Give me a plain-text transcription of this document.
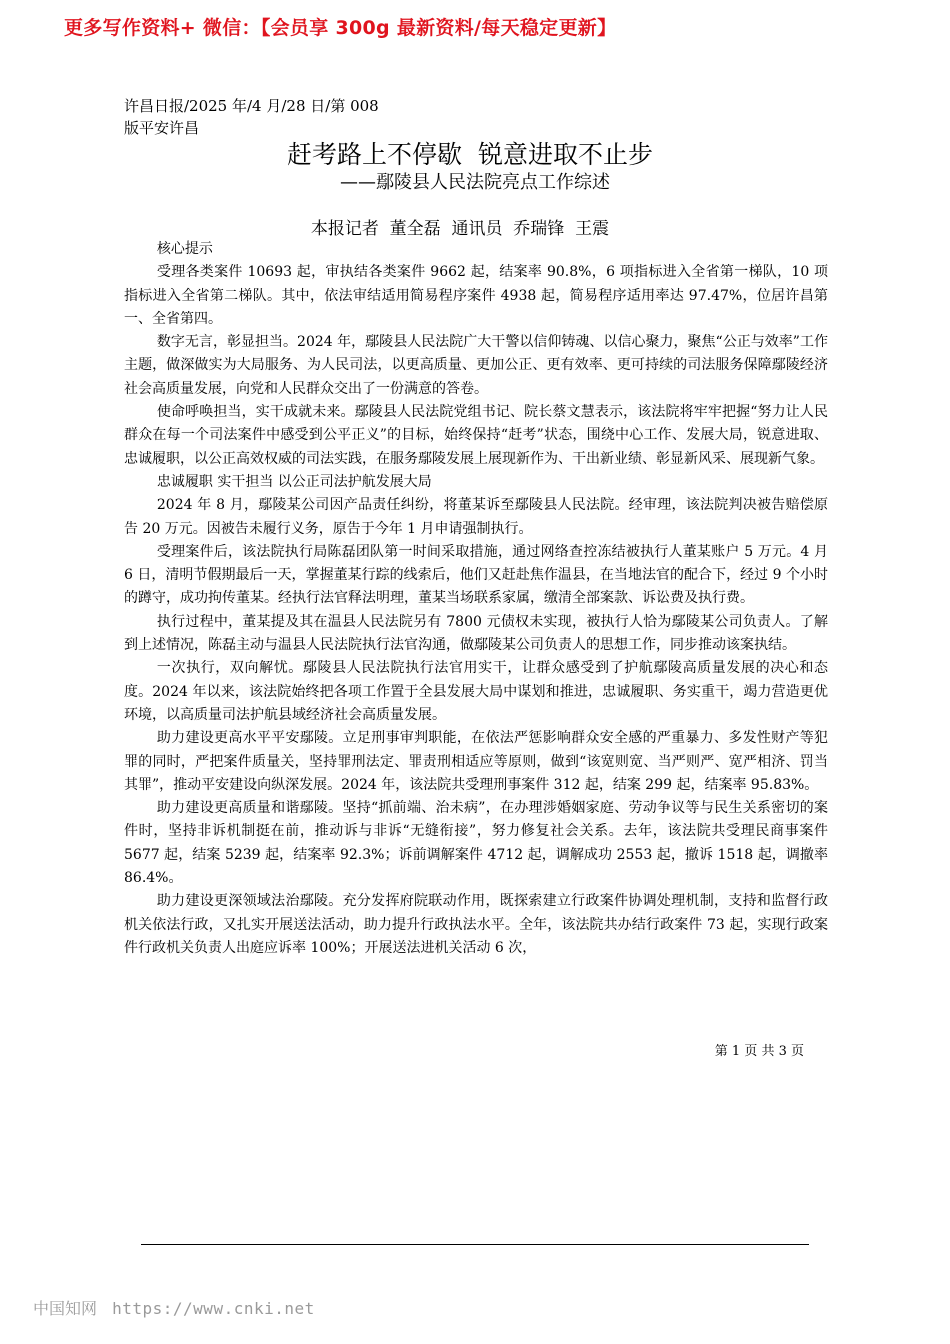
更多写作资料+ 微信：【会员享 300g 最新资料/每天稳定更新】
许昌日报/2025 年/4 月/28 日/第 008
版平安许昌
赶考路上不停歇  锐意进取不止步
——鄢陵县人民法院亮点工作综述
本报记者  董全磊  通讯员  乔瑞锋  王震

核心提示

受理各类案件 10693 起，审执结各类案件 9662 起，结案率 90.8%，6 项指标进入全省第一梯队，10 项指标进入全省第二梯队。其中，依法审结适用简易程序案件 4938 起，简易程序适用率达 97.47%，位居许昌第一、全省第四。

数字无言，彰显担当。2024 年，鄢陵县人民法院广大干警以信仰铸魂、以信心聚力，聚焦“公正与效率”工作主题，做深做实为大局服务、为人民司法，以更高质量、更加公正、更有效率、更可持续的司法服务保障鄢陵经济社会高质量发展，向党和人民群众交出了一份满意的答卷。

使命呼唤担当，实干成就未来。鄢陵县人民法院党组书记、院长蔡文慧表示，该法院将牢牢把握“努力让人民群众在每一个司法案件中感受到公平正义”的目标，始终保持“赶考”状态，围绕中心工作、发展大局，锐意进取、忠诚履职，以公正高效权威的司法实践，在服务鄢陵发展上展现新作为、干出新业绩、彰显新风采、展现新气象。

忠诚履职 实干担当 以公正司法护航发展大局

2024 年 8 月，鄢陵某公司因产品责任纠纷，将董某诉至鄢陵县人民法院。经审理，该法院判决被告赔偿原告 20 万元。因被告未履行义务，原告于今年 1 月申请强制执行。

受理案件后，该法院执行局陈磊团队第一时间采取措施，通过网络查控冻结被执行人董某账户 5 万元。4 月 6 日，清明节假期最后一天，掌握董某行踪的线索后，他们又赶赴焦作温县，在当地法官的配合下，经过 9 个小时的蹲守，成功拘传董某。经执行法官释法明理，董某当场联系家属，缴清全部案款、诉讼费及执行费。

执行过程中，董某提及其在温县人民法院另有 7800 元债权未实现，被执行人恰为鄢陵某公司负责人。了解到上述情况，陈磊主动与温县人民法院执行法官沟通，做鄢陵某公司负责人的思想工作，同步推动该案执结。

一次执行，双向解忧。鄢陵县人民法院执行法官用实干，让群众感受到了护航鄢陵高质量发展的决心和态度。2024 年以来，该法院始终把各项工作置于全县发展大局中谋划和推进，忠诚履职、务实重干，竭力营造更优环境，以高质量司法护航县域经济社会高质量发展。

助力建设更高水平平安鄢陵。立足刑事审判职能，在依法严惩影响群众安全感的严重暴力、多发性财产等犯罪的同时，严把案件质量关，坚持罪刑法定、罪责刑相适应等原则，做到“该宽则宽、当严则严、宽严相济、罚当其罪”，推动平安建设向纵深发展。2024 年，该法院共受理刑事案件 312 起，结案 299 起，结案率 95.83%。

助力建设更高质量和谐鄢陵。坚持“抓前端、治未病”，在办理涉婚姻家庭、劳动争议等与民生关系密切的案件时，坚持非诉机制挺在前，推动诉与非诉“无缝衔接”，努力修复社会关系。去年，该法院共受理民商事案件 5677 起，结案 5239 起，结案率 92.3%；诉前调解案件 4712 起，调解成功 2553 起，撤诉 1518 起，调撤率 86.4%。

助力建设更深领域法治鄢陵。充分发挥府院联动作用，既探索建立行政案件协调处理机制，支持和监督行政机关依法行政，又扎实开展送法活动，助力提升行政执法水平。全年，该法院共办结行政案件 73 起，实现行政案件行政机关负责人出庭应诉率 100%；开展送法进机关活动 6 次，

第 1 页 共 3 页
中国知网 https://www.cnki.net
